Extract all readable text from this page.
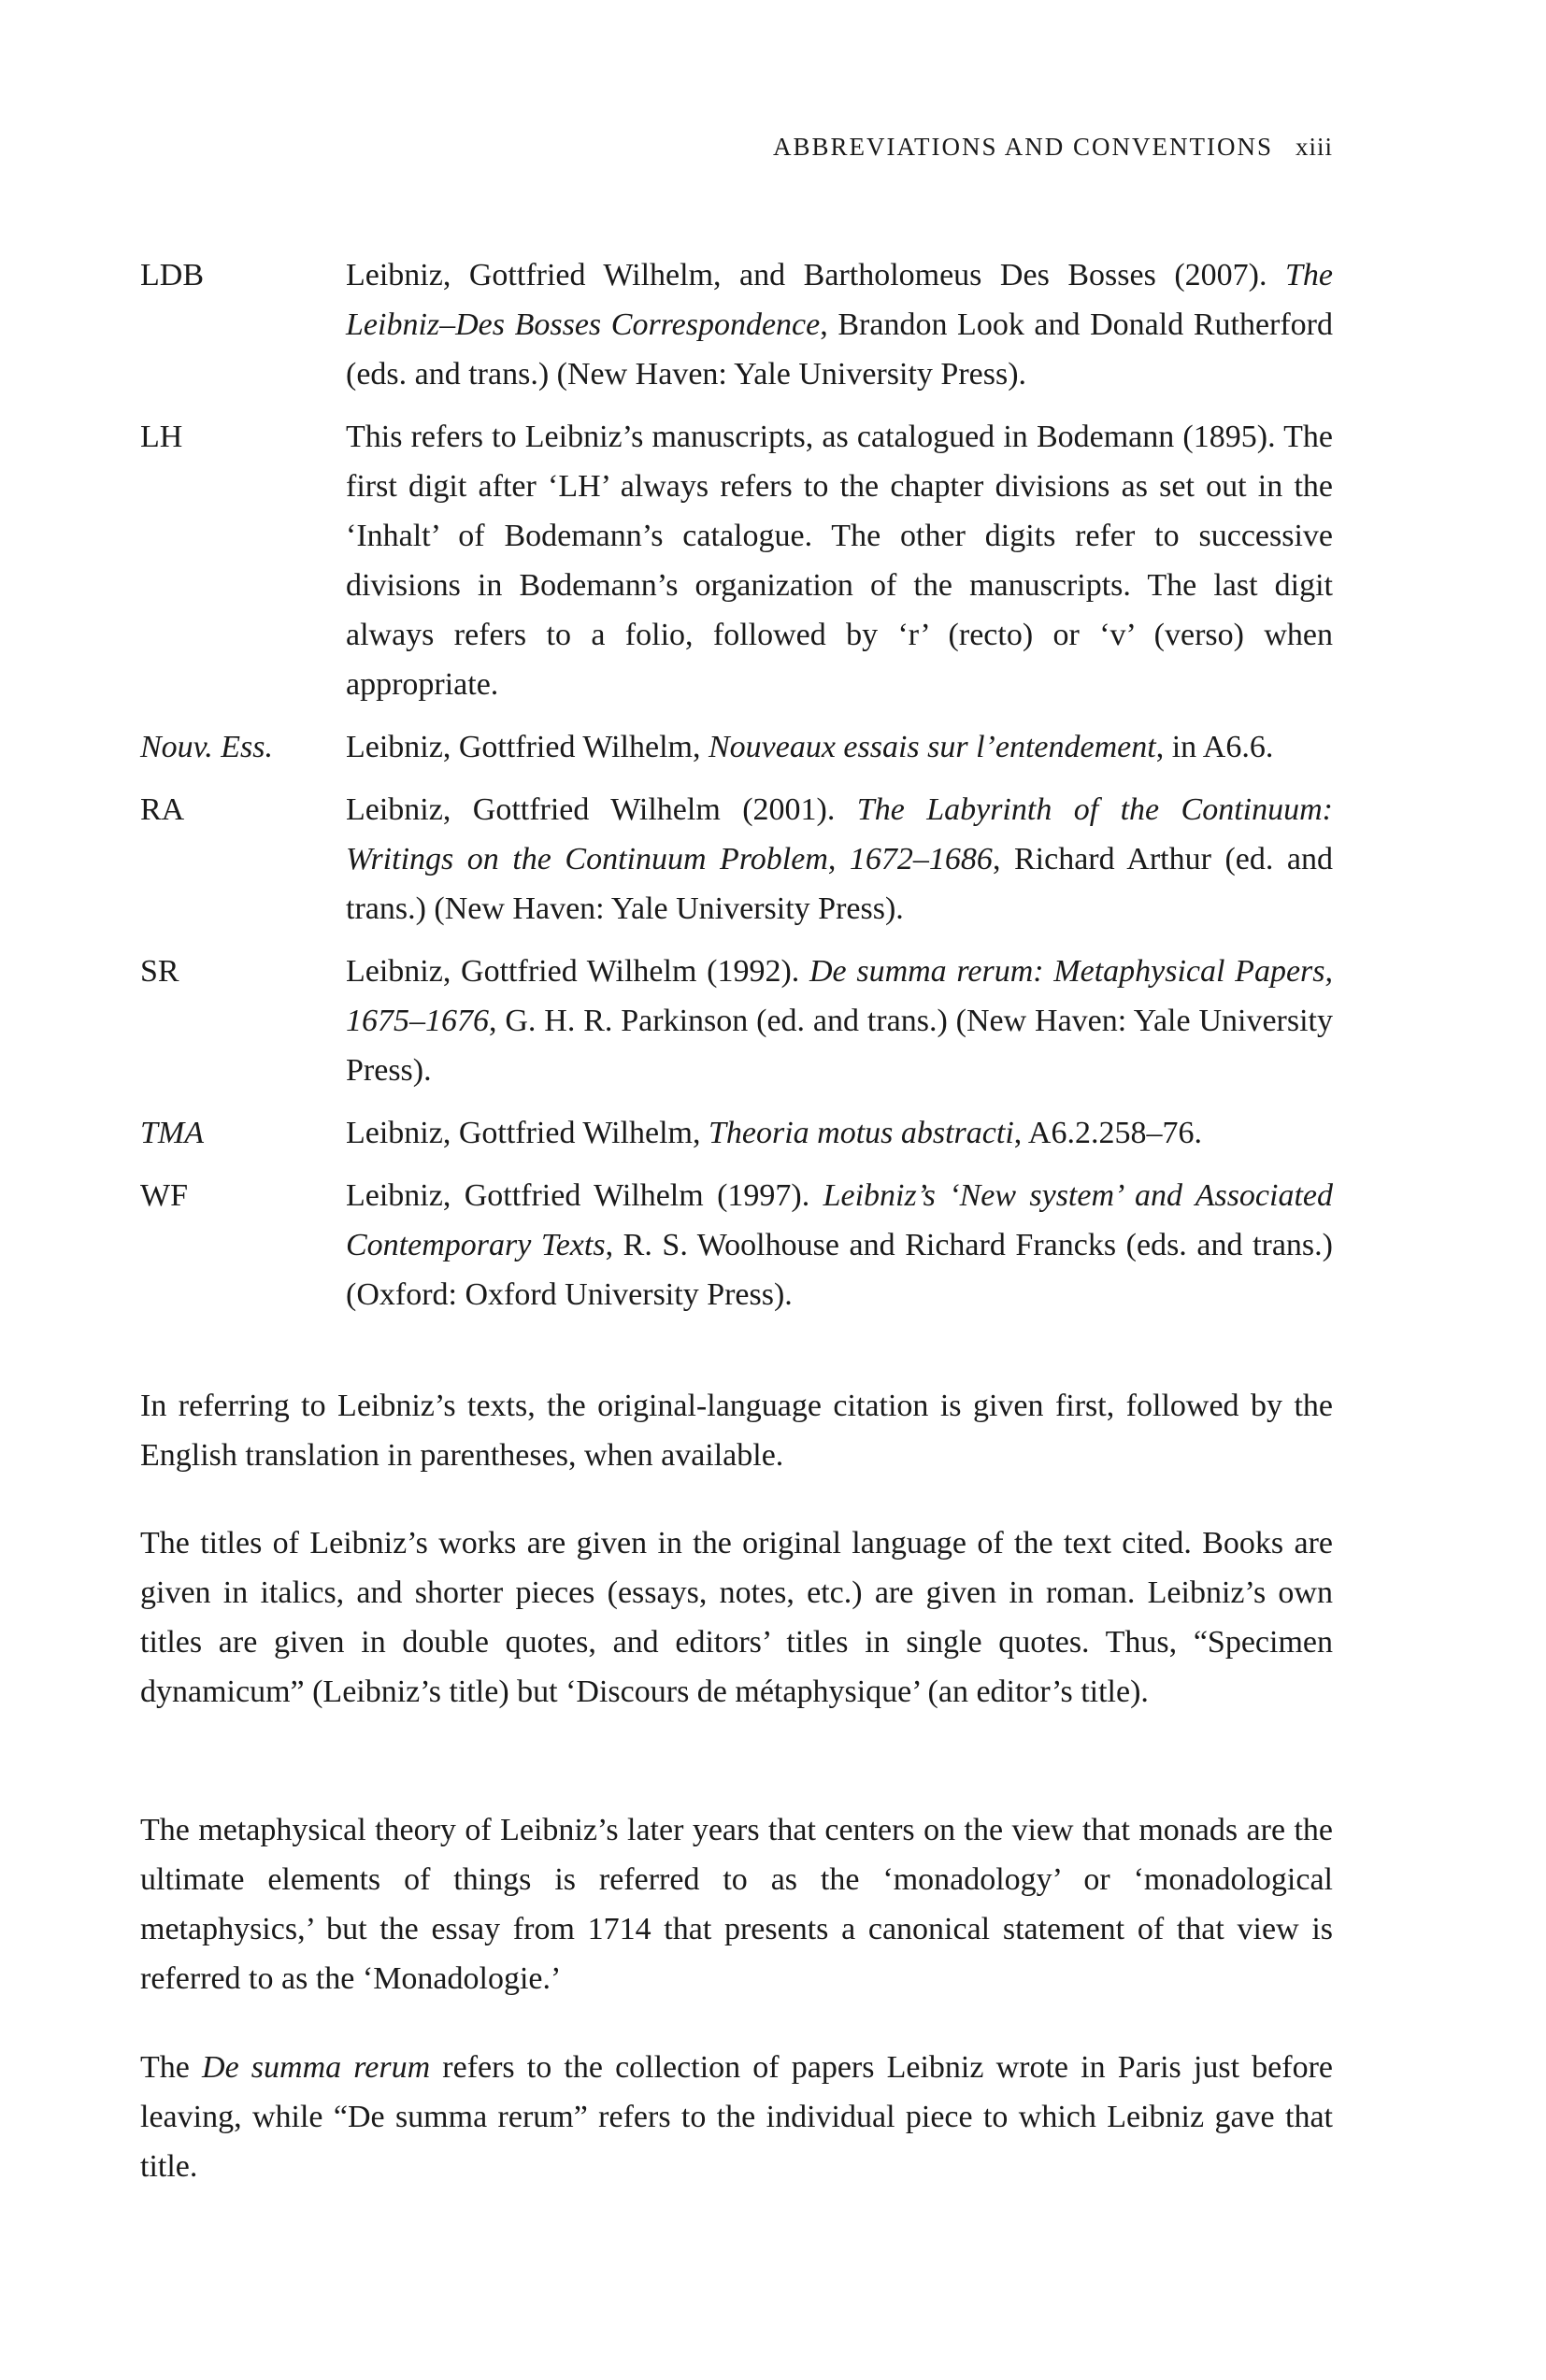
ABBREVIATIONS AND CONVENTIONS xiii
LDB	Leibniz, Gottfried Wilhelm, and Bartholomeus Des Bosses (2007). The Leibniz–Des Bosses Correspondence, Brandon Look and Donald Rutherford (eds. and trans.) (New Haven: Yale University Press).
LH	This refers to Leibniz’s manuscripts, as catalogued in Bodemann (1895). The first digit after ‘LH’ always refers to the chapter divisions as set out in the ‘Inhalt’ of Bodemann’s catalogue. The other digits refer to successive divisions in Bodemann’s organization of the manuscripts. The last digit always refers to a folio, followed by ‘r’ (recto) or ‘v’ (verso) when appropriate.
Nouv. Ess.	Leibniz, Gottfried Wilhelm, Nouveaux essais sur l’entendement, in A6.6.
RA	Leibniz, Gottfried Wilhelm (2001). The Labyrinth of the Continuum: Writings on the Continuum Problem, 1672–1686, Richard Arthur (ed. and trans.) (New Haven: Yale University Press).
SR	Leibniz, Gottfried Wilhelm (1992). De summa rerum: Metaphysical Papers, 1675–1676, G. H. R. Parkinson (ed. and trans.) (New Haven: Yale University Press).
TMA	Leibniz, Gottfried Wilhelm, Theoria motus abstracti, A6.2.258–76.
WF	Leibniz, Gottfried Wilhelm (1997). Leibniz’s ‘New system’ and Associated Contemporary Texts, R. S. Woolhouse and Richard Francks (eds. and trans.) (Oxford: Oxford University Press).

In referring to Leibniz’s texts, the original-language citation is given first, followed by the English translation in parentheses, when available.

The titles of Leibniz’s works are given in the original language of the text cited. Books are given in italics, and shorter pieces (essays, notes, etc.) are given in roman. Leibniz’s own titles are given in double quotes, and editors’ titles in single quotes. Thus, “Specimen dynamicum” (Leibniz’s title) but ‘Discours de métaphysique’ (an editor’s title).

The metaphysical theory of Leibniz’s later years that centers on the view that monads are the ultimate elements of things is referred to as the ‘monadology’ or ‘monadological metaphysics,’ but the essay from 1714 that presents a canonical statement of that view is referred to as the ‘Monadologie.’

The De summa rerum refers to the collection of papers Leibniz wrote in Paris just before leaving, while “De summa rerum” refers to the individual piece to which Leibniz gave that title.
